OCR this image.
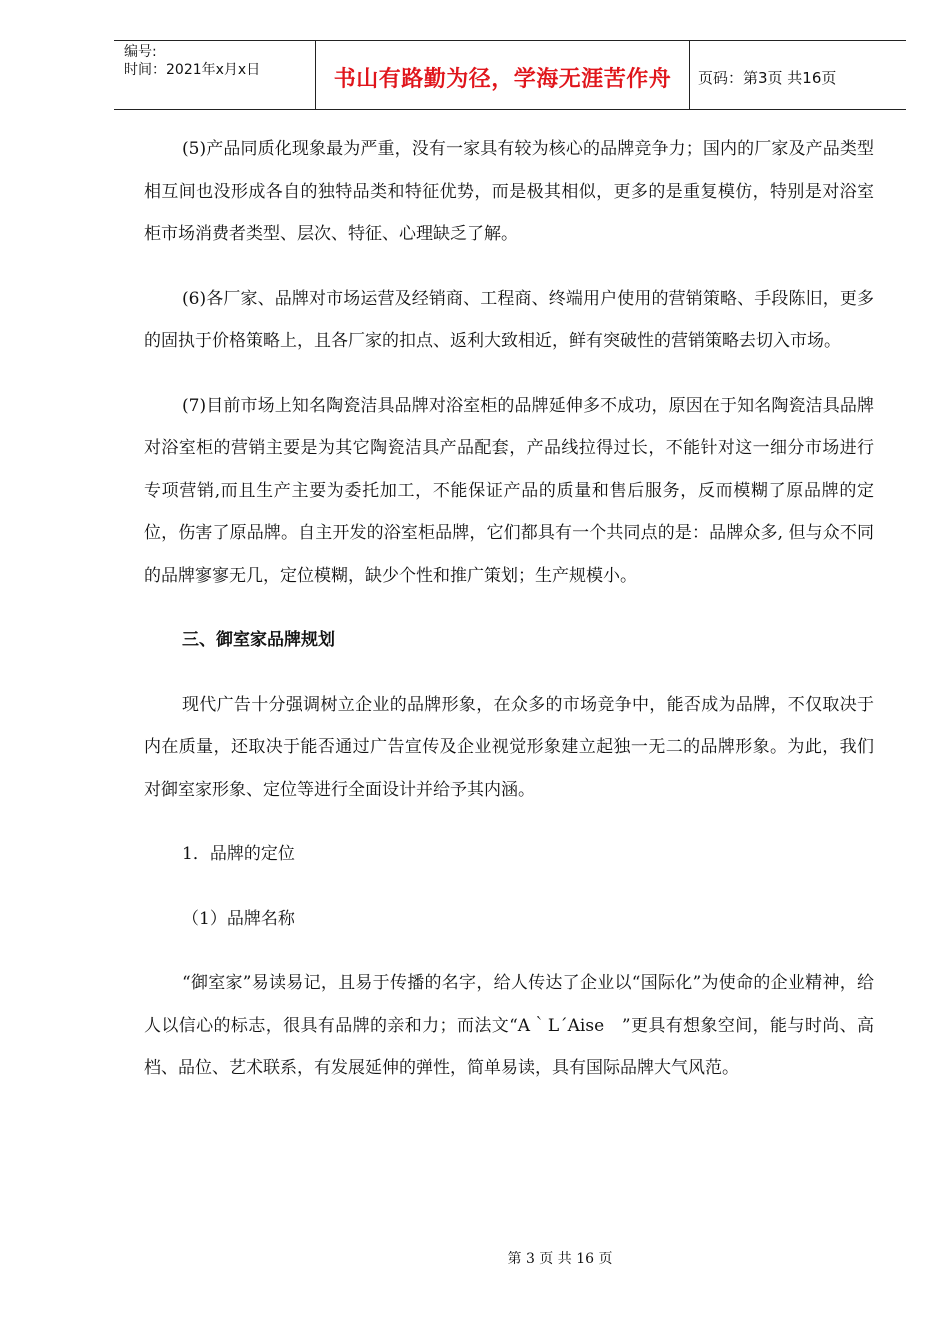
编号:
时间：2021年x月x日	书山有路勤为径，学海无涯苦作舟	页码：第3页 共16页

(5)产品同质化现象最为严重，没有一家具有较为核心的品牌竞争力；国内的厂家及产品类型相互间也没形成各自的独特品类和特征优势，而是极其相似，更多的是重复模仿，特别是对浴室柜市场消费者类型、层次、特征、心理缺乏了解。

(6)各厂家、品牌对市场运营及经销商、工程商、终端用户使用的营销策略、手段陈旧，更多的固执于价格策略上，且各厂家的扣点、返利大致相近，鲜有突破性的营销策略去切入市场。

(7)目前市场上知名陶瓷洁具品牌对浴室柜的品牌延伸多不成功，原因在于知名陶瓷洁具品牌对浴室柜的营销主要是为其它陶瓷洁具产品配套，产品线拉得过长，不能针对这一细分市场进行专项营销,而且生产主要为委托加工，不能保证产品的质量和售后服务，反而模糊了原品牌的定位，伤害了原品牌。自主开发的浴室柜品牌，它们都具有一个共同点的是：品牌众多, 但与众不同的品牌寥寥无几，定位模糊，缺少个性和推广策划；生产规模小。

三、御室家品牌规划

现代广告十分强调树立企业的品牌形象，在众多的市场竞争中，能否成为品牌，不仅取决于内在质量，还取决于能否通过广告宣传及企业视觉形象建立起独一无二的品牌形象。为此，我们对御室家形象、定位等进行全面设计并给予其内涵。

1．品牌的定位

（1）品牌名称

“御室家”易读易记，且易于传播的名字，给人传达了企业以“国际化”为使命的企业精神，给人以信心的标志，很具有品牌的亲和力；而法文“A｀L´Aise　”更具有想象空间，能与时尚、高档、品位、艺术联系，有发展延伸的弹性，简单易读，具有国际品牌大气风范。

第 3 页 共 16 页
